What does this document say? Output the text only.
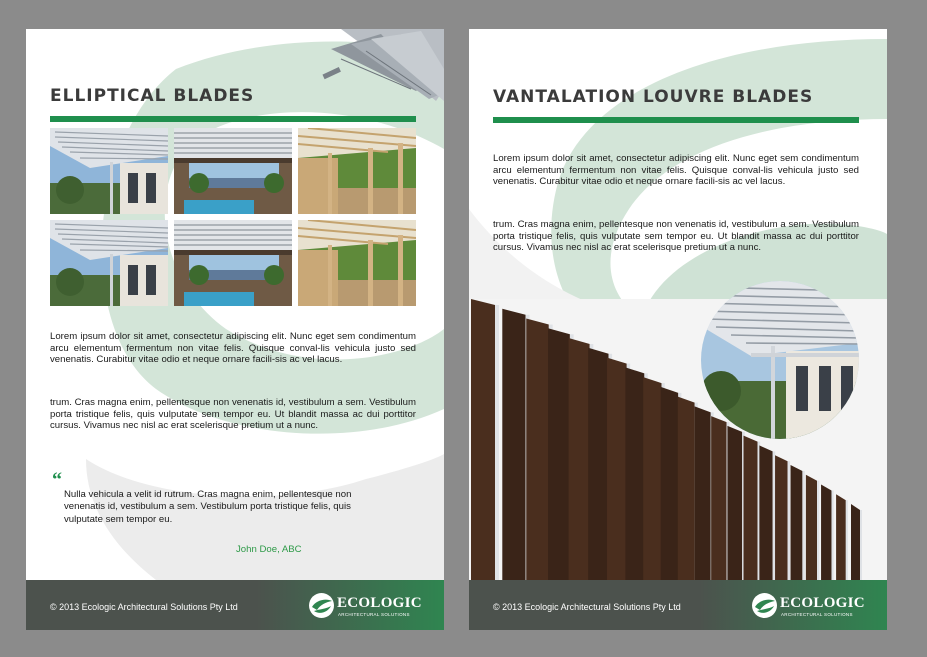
ELLIPTICAL BLADES

Lorem ipsum dolor sit amet, consectetur adipiscing elit. Nunc eget sem condimentum arcu elementum fermentum non vitae felis. Quisque conval-lis vehicula justo sed venenatis. Curabitur vitae odio et neque ornare facili-sis ac vel lacus.

trum. Cras magna enim, pellentesque non venenatis id, vestibulum a sem. Vestibulum porta tristique felis, quis vulputate sem tempor eu. Ut blandit massa ac dui porttitor cursus. Vivamus nec nisl ac erat scelerisque pretium ut a nunc.

“

Nulla vehicula a velit id rutrum. Cras magna enim, pellentesque non venenatis id, vestibulum a sem. Vestibulum porta tristique felis, quis vulputate sem tempor eu.

John Doe, ABC
© 2013 Ecologic Architectural Solutions Pty Ltd	ECOLOGIC
ARCHITECTURAL SOLUTIONS
VANTALATION LOUVRE BLADES

Lorem ipsum dolor sit amet, consectetur adipiscing elit. Nunc eget sem condimentum arcu elementum fermentum non vitae felis. Quisque conval-lis vehicula justo sed venenatis. Curabitur vitae odio et neque ornare facili-sis ac vel lacus.

trum. Cras magna enim, pellentesque non venenatis id, vestibulum a sem. Vestibulum porta tristique felis, quis vulputate sem tempor eu. Ut blandit massa ac dui porttitor cursus. Vivamus nec nisl ac erat scelerisque pretium ut a nunc.

© 2013 Ecologic Architectural Solutions Pty Ltd	ECOLOGIC
ARCHITECTURAL SOLUTIONS
